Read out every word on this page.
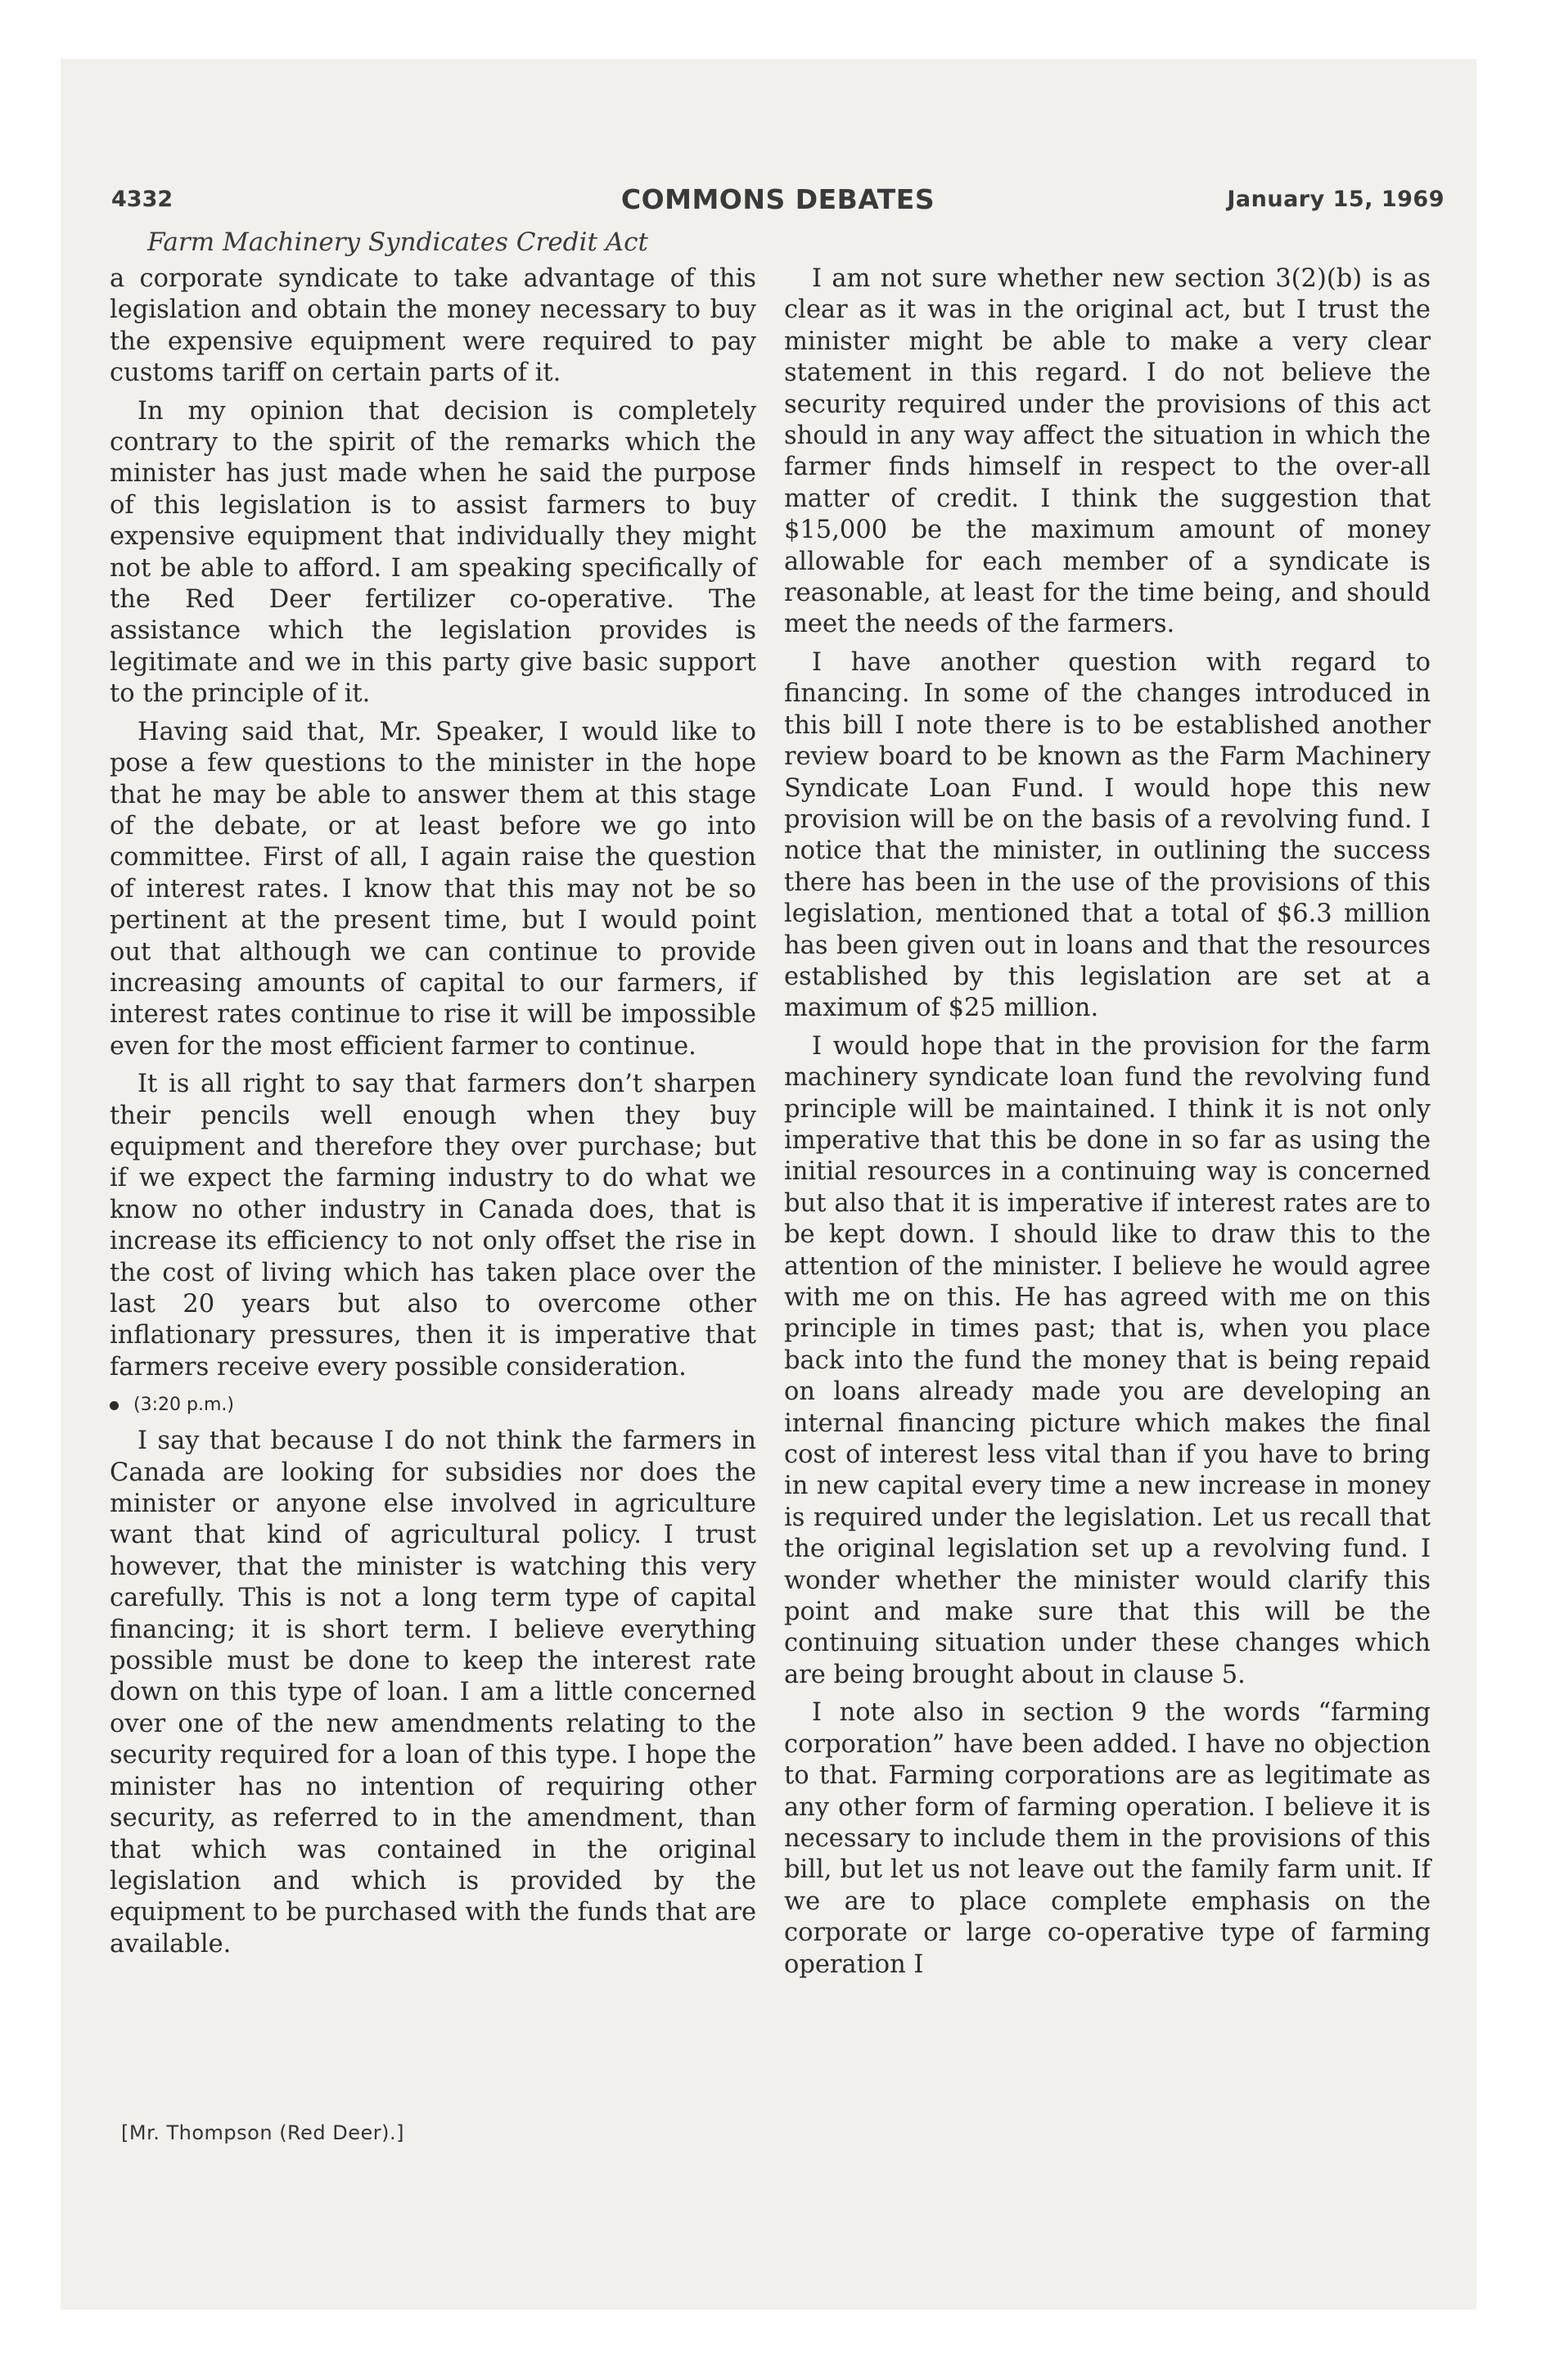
4332	COMMONS DEBATES	January 15, 1969
Farm Machinery Syndicates Credit Act

a corporate syndicate to take advantage of this legislation and obtain the money necessary to buy the expensive equipment were required to pay customs tariff on certain parts of it.

In my opinion that decision is completely contrary to the spirit of the remarks which the minister has just made when he said the purpose of this legislation is to assist farmers to buy expensive equipment that individually they might not be able to afford. I am speaking specifically of the Red Deer fertilizer co-operative. The assistance which the legislation provides is legitimate and we in this party give basic support to the principle of it.

Having said that, Mr. Speaker, I would like to pose a few questions to the minister in the hope that he may be able to answer them at this stage of the debate, or at least before we go into committee. First of all, I again raise the question of interest rates. I know that this may not be so pertinent at the present time, but I would point out that although we can continue to provide increasing amounts of capital to our farmers, if interest rates continue to rise it will be impossible even for the most efficient farmer to continue.

It is all right to say that farmers don’t sharpen their pencils well enough when they buy equipment and therefore they over purchase; but if we expect the farming industry to do what we know no other industry in Canada does, that is increase its efficiency to not only offset the rise in the cost of living which has taken place over the last 20 years but also to overcome other inflationary pressures, then it is imperative that farmers receive every possible consideration.

(3:20 p.m.)

I say that because I do not think the farmers in Canada are looking for subsidies nor does the minister or anyone else involved in agriculture want that kind of agricultural policy. I trust however, that the minister is watching this very carefully. This is not a long term type of capital financing; it is short term. I believe everything possible must be done to keep the interest rate down on this type of loan. I am a little concerned over one of the new amendments relating to the security required for a loan of this type. I hope the minister has no intention of requiring other security, as referred to in the amendment, than that which was contained in the original legislation and which is provided by the equipment to be purchased with the funds that are available.

I am not sure whether new section 3(2)(b) is as clear as it was in the original act, but I trust the minister might be able to make a very clear statement in this regard. I do not believe the security required under the provisions of this act should in any way affect the situation in which the farmer finds himself in respect to the over-all matter of credit. I think the suggestion that $15,000 be the maximum amount of money allowable for each member of a syndicate is reasonable, at least for the time being, and should meet the needs of the farmers.

I have another question with regard to financing. In some of the changes introduced in this bill I note there is to be established another review board to be known as the Farm Machinery Syndicate Loan Fund. I would hope this new provision will be on the basis of a revolving fund. I notice that the minister, in outlining the success there has been in the use of the provisions of this legislation, mentioned that a total of $6.3 million has been given out in loans and that the resources established by this legislation are set at a maximum of $25 million.

I would hope that in the provision for the farm machinery syndicate loan fund the revolving fund principle will be maintained. I think it is not only imperative that this be done in so far as using the initial resources in a continuing way is concerned but also that it is imperative if interest rates are to be kept down. I should like to draw this to the attention of the minister. I believe he would agree with me on this. He has agreed with me on this principle in times past; that is, when you place back into the fund the money that is being repaid on loans already made you are developing an internal financing picture which makes the final cost of interest less vital than if you have to bring in new capital every time a new increase in money is required under the legislation. Let us recall that the original legislation set up a revolving fund. I wonder whether the minister would clarify this point and make sure that this will be the continuing situation under these changes which are being brought about in clause 5.

I note also in section 9 the words “farming corporation” have been added. I have no objection to that. Farming corporations are as legitimate as any other form of farming operation. I believe it is necessary to include them in the provisions of this bill, but let us not leave out the family farm unit. If we are to place complete emphasis on the corporate or large co-operative type of farming operation I

[Mr. Thompson (Red Deer).]
